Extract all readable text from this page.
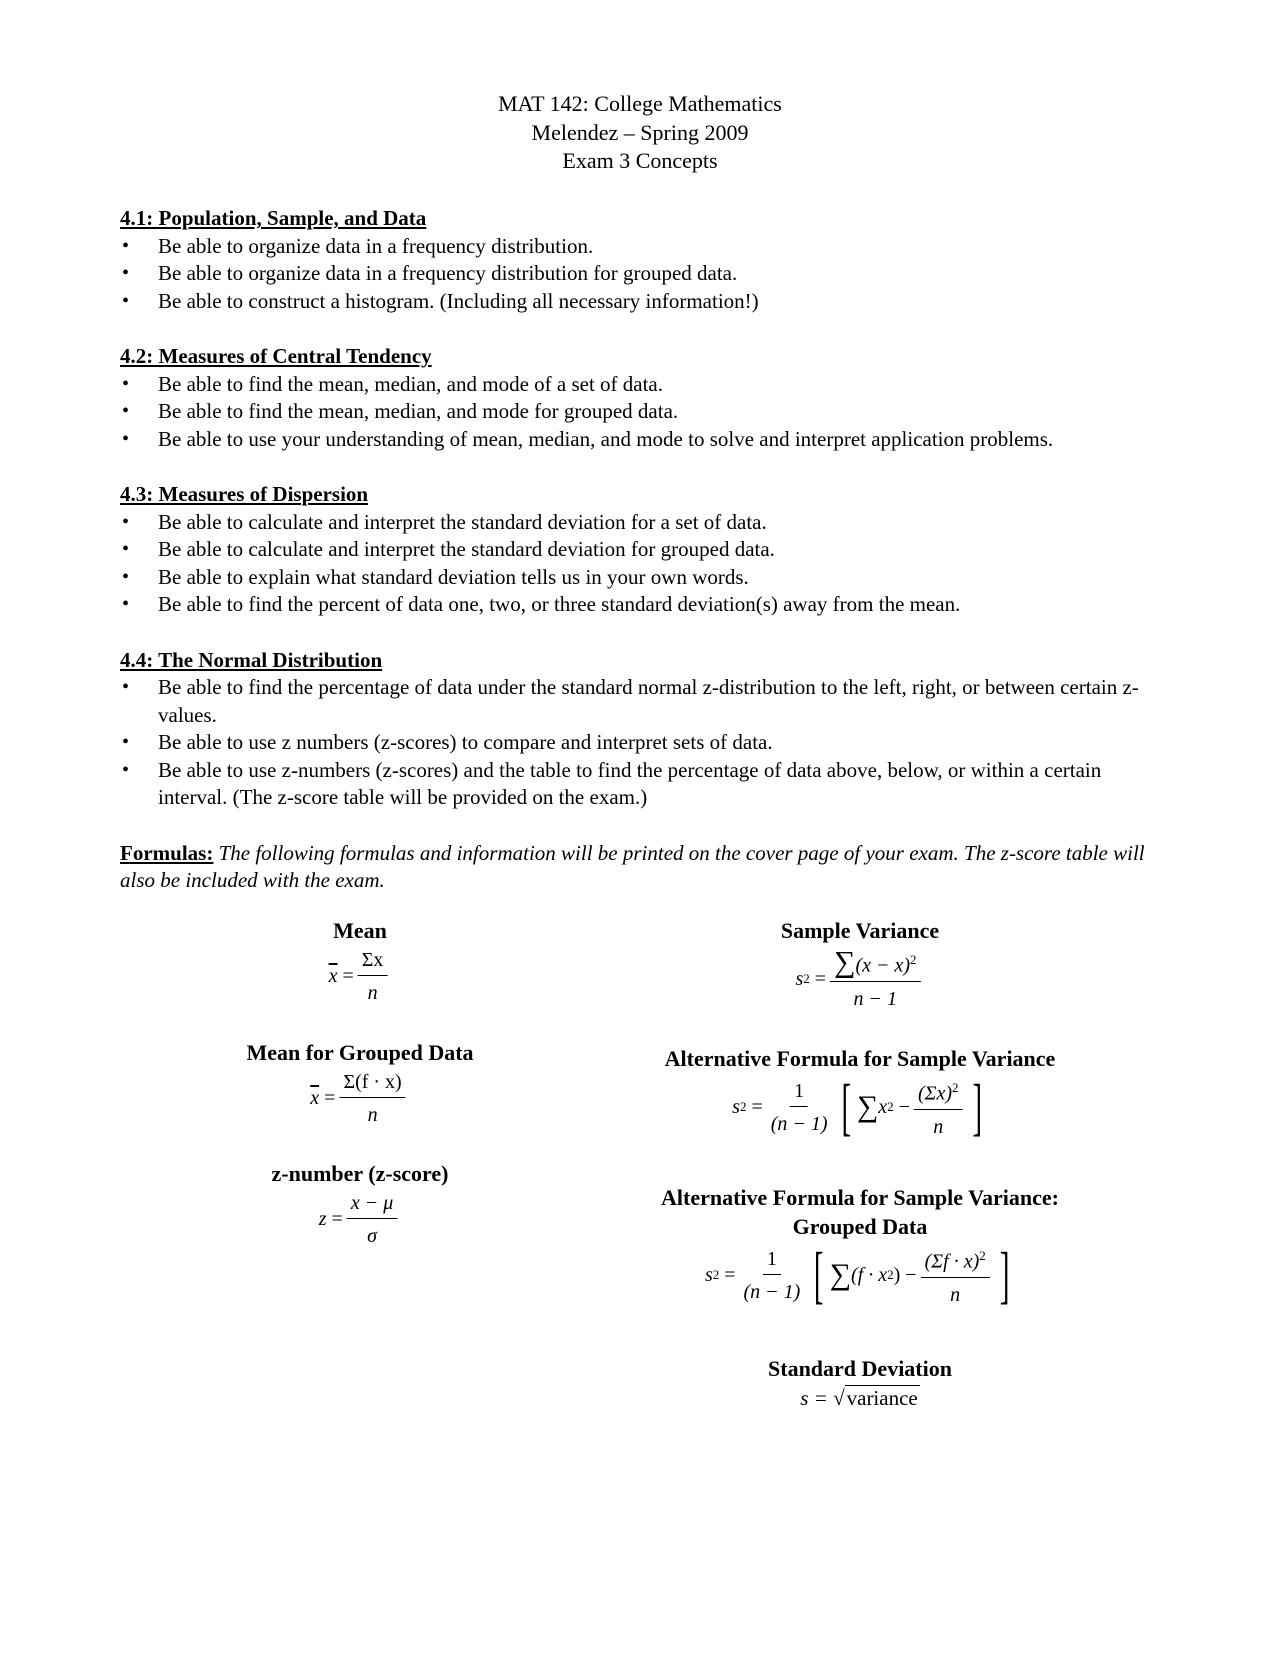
MAT 142: College Mathematics
Melendez – Spring 2009
Exam 3 Concepts
4.1: Population, Sample, and Data
• Be able to organize data in a frequency distribution.
• Be able to organize data in a frequency distribution for grouped data.
• Be able to construct a histogram. (Including all necessary information!)
4.2: Measures of Central Tendency
• Be able to find the mean, median, and mode of a set of data.
• Be able to find the mean, median, and mode for grouped data.
• Be able to use your understanding of mean, median, and mode to solve and interpret application problems.
4.3: Measures of Dispersion
• Be able to calculate and interpret the standard deviation for a set of data.
• Be able to calculate and interpret the standard deviation for grouped data.
• Be able to explain what standard deviation tells us in your own words.
• Be able to find the percent of data one, two, or three standard deviation(s) away from the mean.
4.4: The Normal Distribution
• Be able to find the percentage of data under the standard normal z-distribution to the left, right, or between certain z-values.
• Be able to use z numbers (z-scores) to compare and interpret sets of data.
• Be able to use z-numbers (z-scores) and the table to find the percentage of data above, below, or within a certain interval. (The z-score table will be provided on the exam.)
Formulas: The following formulas and information will be printed on the cover page of your exam. The z-score table will also be included with the exam.
Mean
$\overline{x} = \frac{\Sigma x}{n}$
Mean for Grouped Data
$\overline{x} = \frac{\Sigma(f \cdot x)}{n}$
z-number (z-score)
$z = \frac{x - \mu}{\sigma}$
Sample Variance
s $2 = \frac{\sum(x - x)^2}{n - 1}$
Alternative Formula for Sample Variance
s $2 = \frac{1}{(n - 1)}$ [ ∑ x $2 - \frac{(\Sigma x)^2}{n}$ ]
Alternative Formula for Sample Variance:
Grouped Data
s $2 = \frac{1}{(n - 1)}$ [ ∑ (f · x 2 ) − $\frac{(\Sigma f \cdot x)^2}{n}$ ]
Standard Deviation
s =
√ variance
